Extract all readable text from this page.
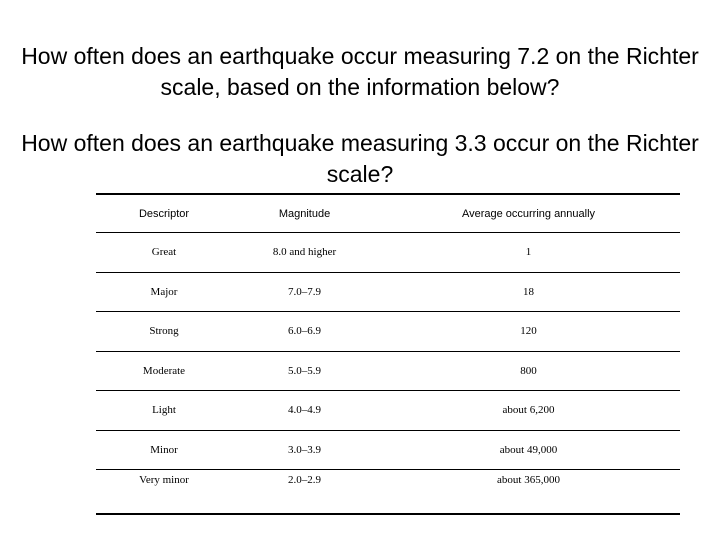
How often does an earthquake occur measuring 7.2 on the Richter scale, based on the information below?

How often does an earthquake measuring 3.3 occur on the Richter scale?

Descriptor	Magnitude	Average occurring annually
Great	8.0 and higher	1
Major	7.0–7.9	18
Strong	6.0–6.9	120
Moderate	5.0–5.9	800
Light	4.0–4.9	about 6,200
Minor	3.0–3.9	about 49,000

Very minor	2.0–2.9	about 365,000
